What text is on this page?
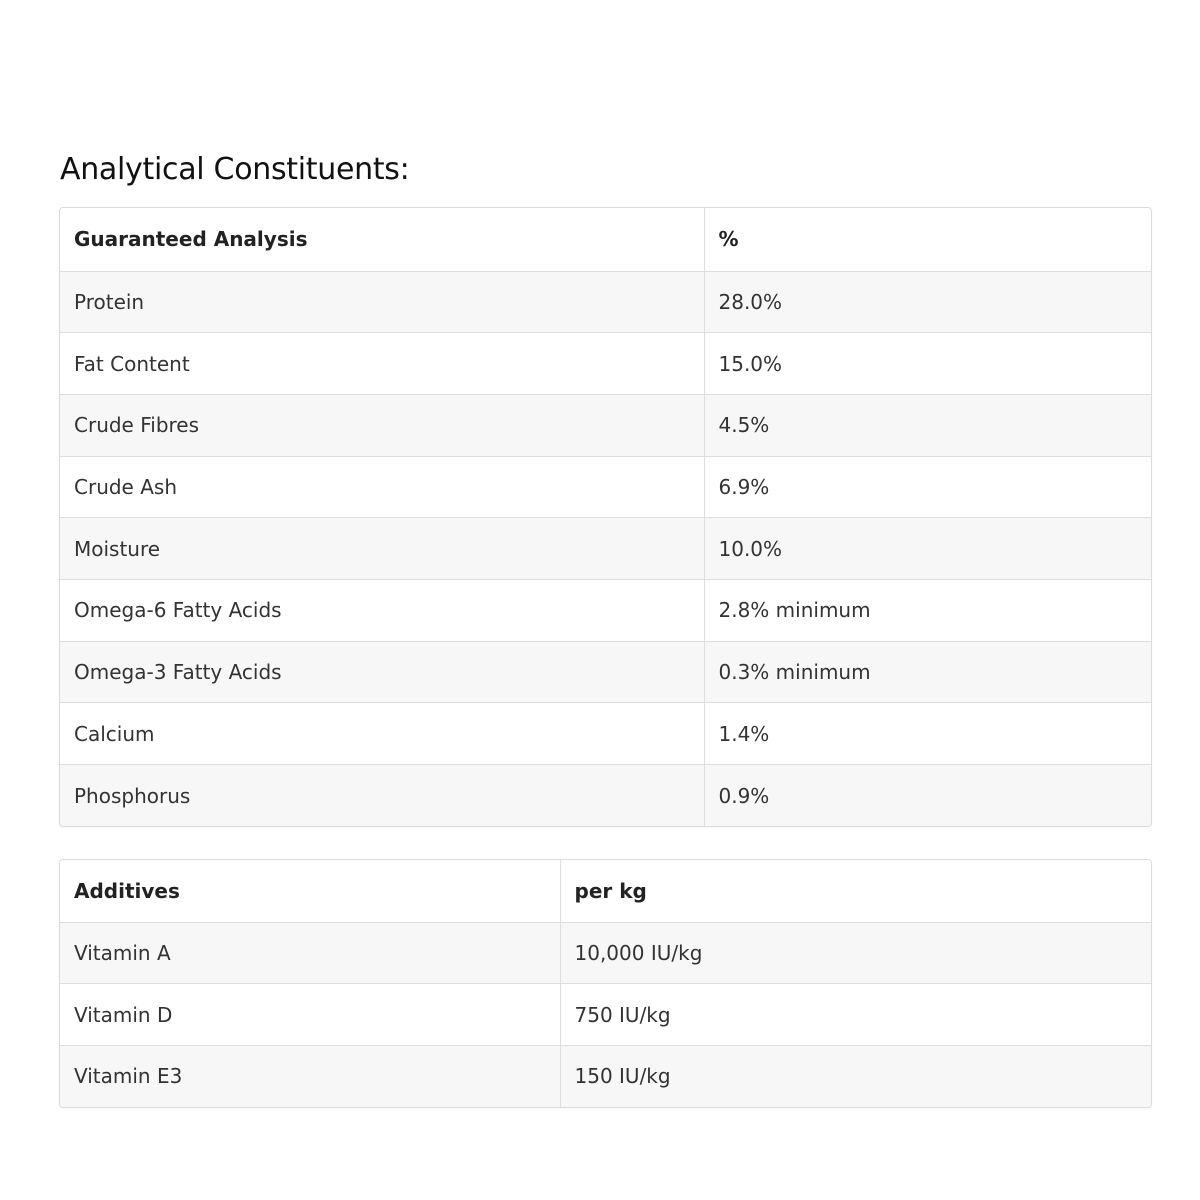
Analytical Constituents:
Guaranteed Analysis	%
Protein	28.0%
Fat Content	15.0%
Crude Fibres	4.5%
Crude Ash	6.9%
Moisture	10.0%
Omega-6 Fatty Acids	2.8% minimum
Omega-3 Fatty Acids	0.3% minimum
Calcium	1.4%
Phosphorus	0.9%
Additives	per kg
Vitamin A	10,000 IU/kg
Vitamin D	750 IU/kg
Vitamin E3	150 IU/kg
